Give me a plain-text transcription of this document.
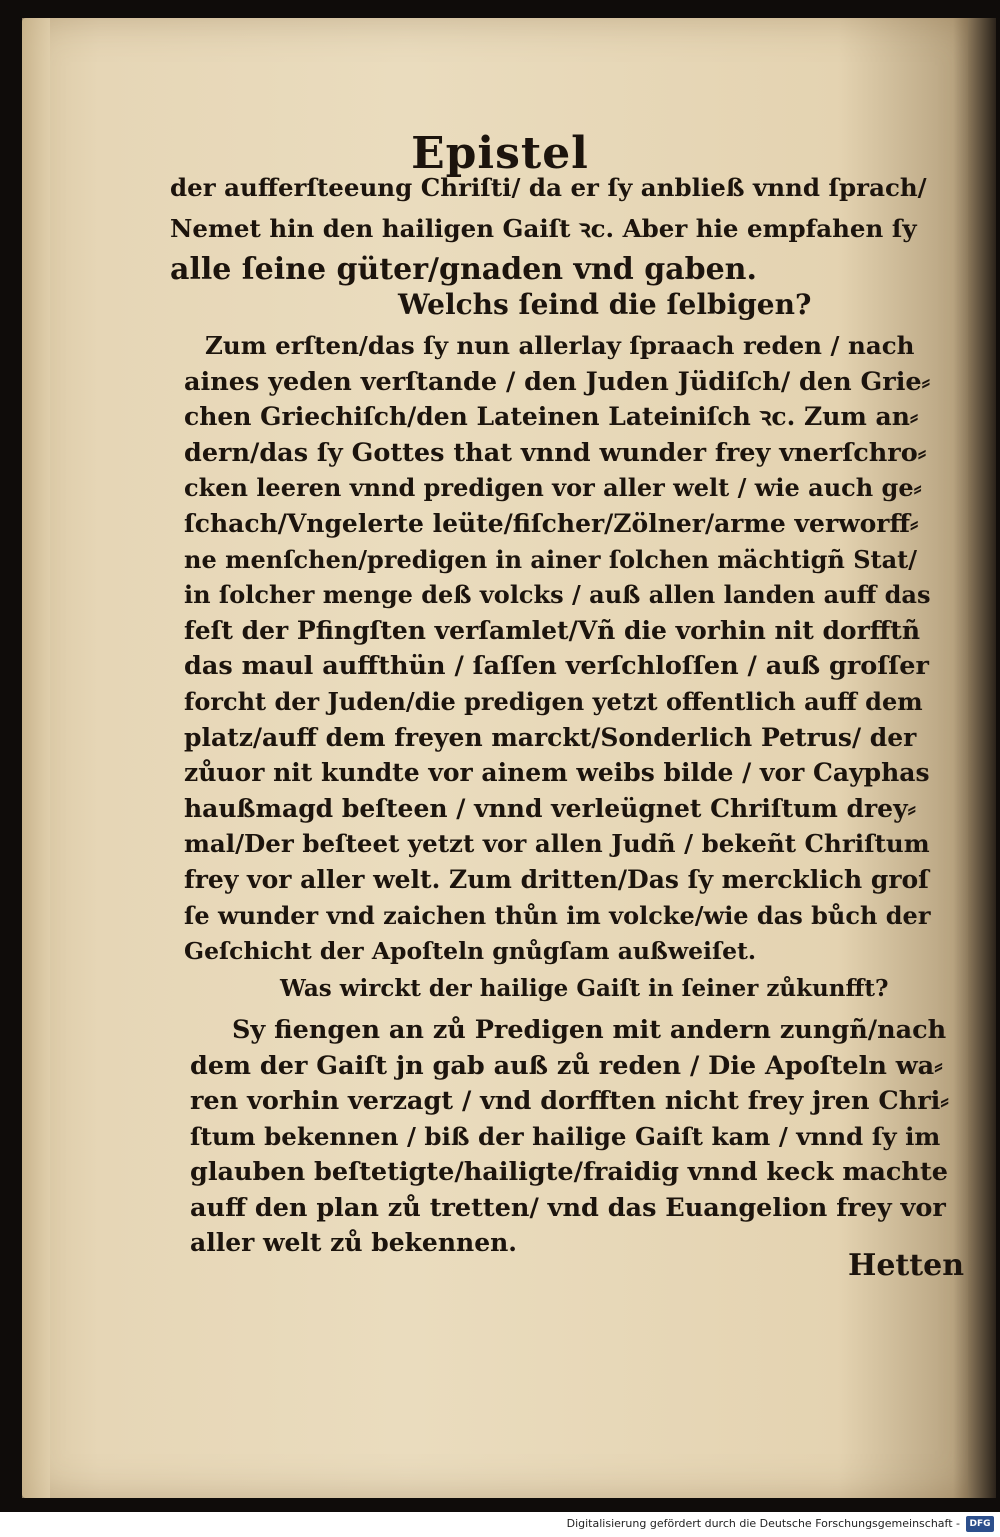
Epistel
der aufferſteeung Chriſti/ da er ſy anbließ vnnd ſprach/
Nemet hin den hailigen Gaiſt ꝛc. Aber hie empfahen ſy
alle ſeine güter/gnaden vnd gaben.
Welchs ſeind die ſelbigen?
Zum erſten/das ſy nun allerlay ſpraach reden / nach
aines yeden verſtande / den Juden Jüdiſch/ den Grie⸗
chen Griechiſch/den Lateinen Lateiniſch ꝛc. Zum an⸗
dern/das ſy Gottes that vnnd wunder frey vnerſchro⸗
cken leeren vnnd predigen vor aller welt / wie auch ge⸗
ſchach/Vngelerte leüte/fiſcher/Zölner/arme verworff⸗
ne menſchen/predigen in ainer ſolchen mächtigñ Stat/
in ſolcher menge deß volcks / auß allen landen auff das
feſt der Pfingſten verſamlet/Vñ die vorhin nit dorfftñ
das maul auffthün / ſaſſen verſchloſſen / auß groſſer
forcht der Juden/die predigen yetzt offentlich auff dem
platz/auff dem freyen marckt/Sonderlich Petrus/ der
zůuor nit kundte vor ainem weibs bilde / vor Cayphas
haußmagd beſteen / vnnd verleügnet Chriſtum drey⸗
mal/Der beſteet yetzt vor allen Judñ / bekeñt Chriſtum
frey vor aller welt. Zum dritten/Das ſy mercklich groſ
ſe wunder vnd zaichen thůn im volcke/wie das bůch der
Geſchicht der Apoſteln gnůgſam außweiſet.
Was wirckt der hailige Gaiſt in ſeiner zůkunfft?
Sy fiengen an zů Predigen mit andern zungñ/nach
dem der Gaiſt jn gab auß zů reden / Die Apoſteln wa⸗
ren vorhin verzagt / vnd dorfften nicht frey jren Chri⸗
ſtum bekennen / biß der hailige Gaiſt kam / vnnd ſy im
glauben beſtetigte/hailigte/fraidig vnnd keck machte
auff den plan zů tretten/ vnd das Euangelion frey vor
aller welt zů bekennen.
Hetten
Digitalisierung gefördert durch die Deutsche Forschungsgemeinschaft -	DFG
